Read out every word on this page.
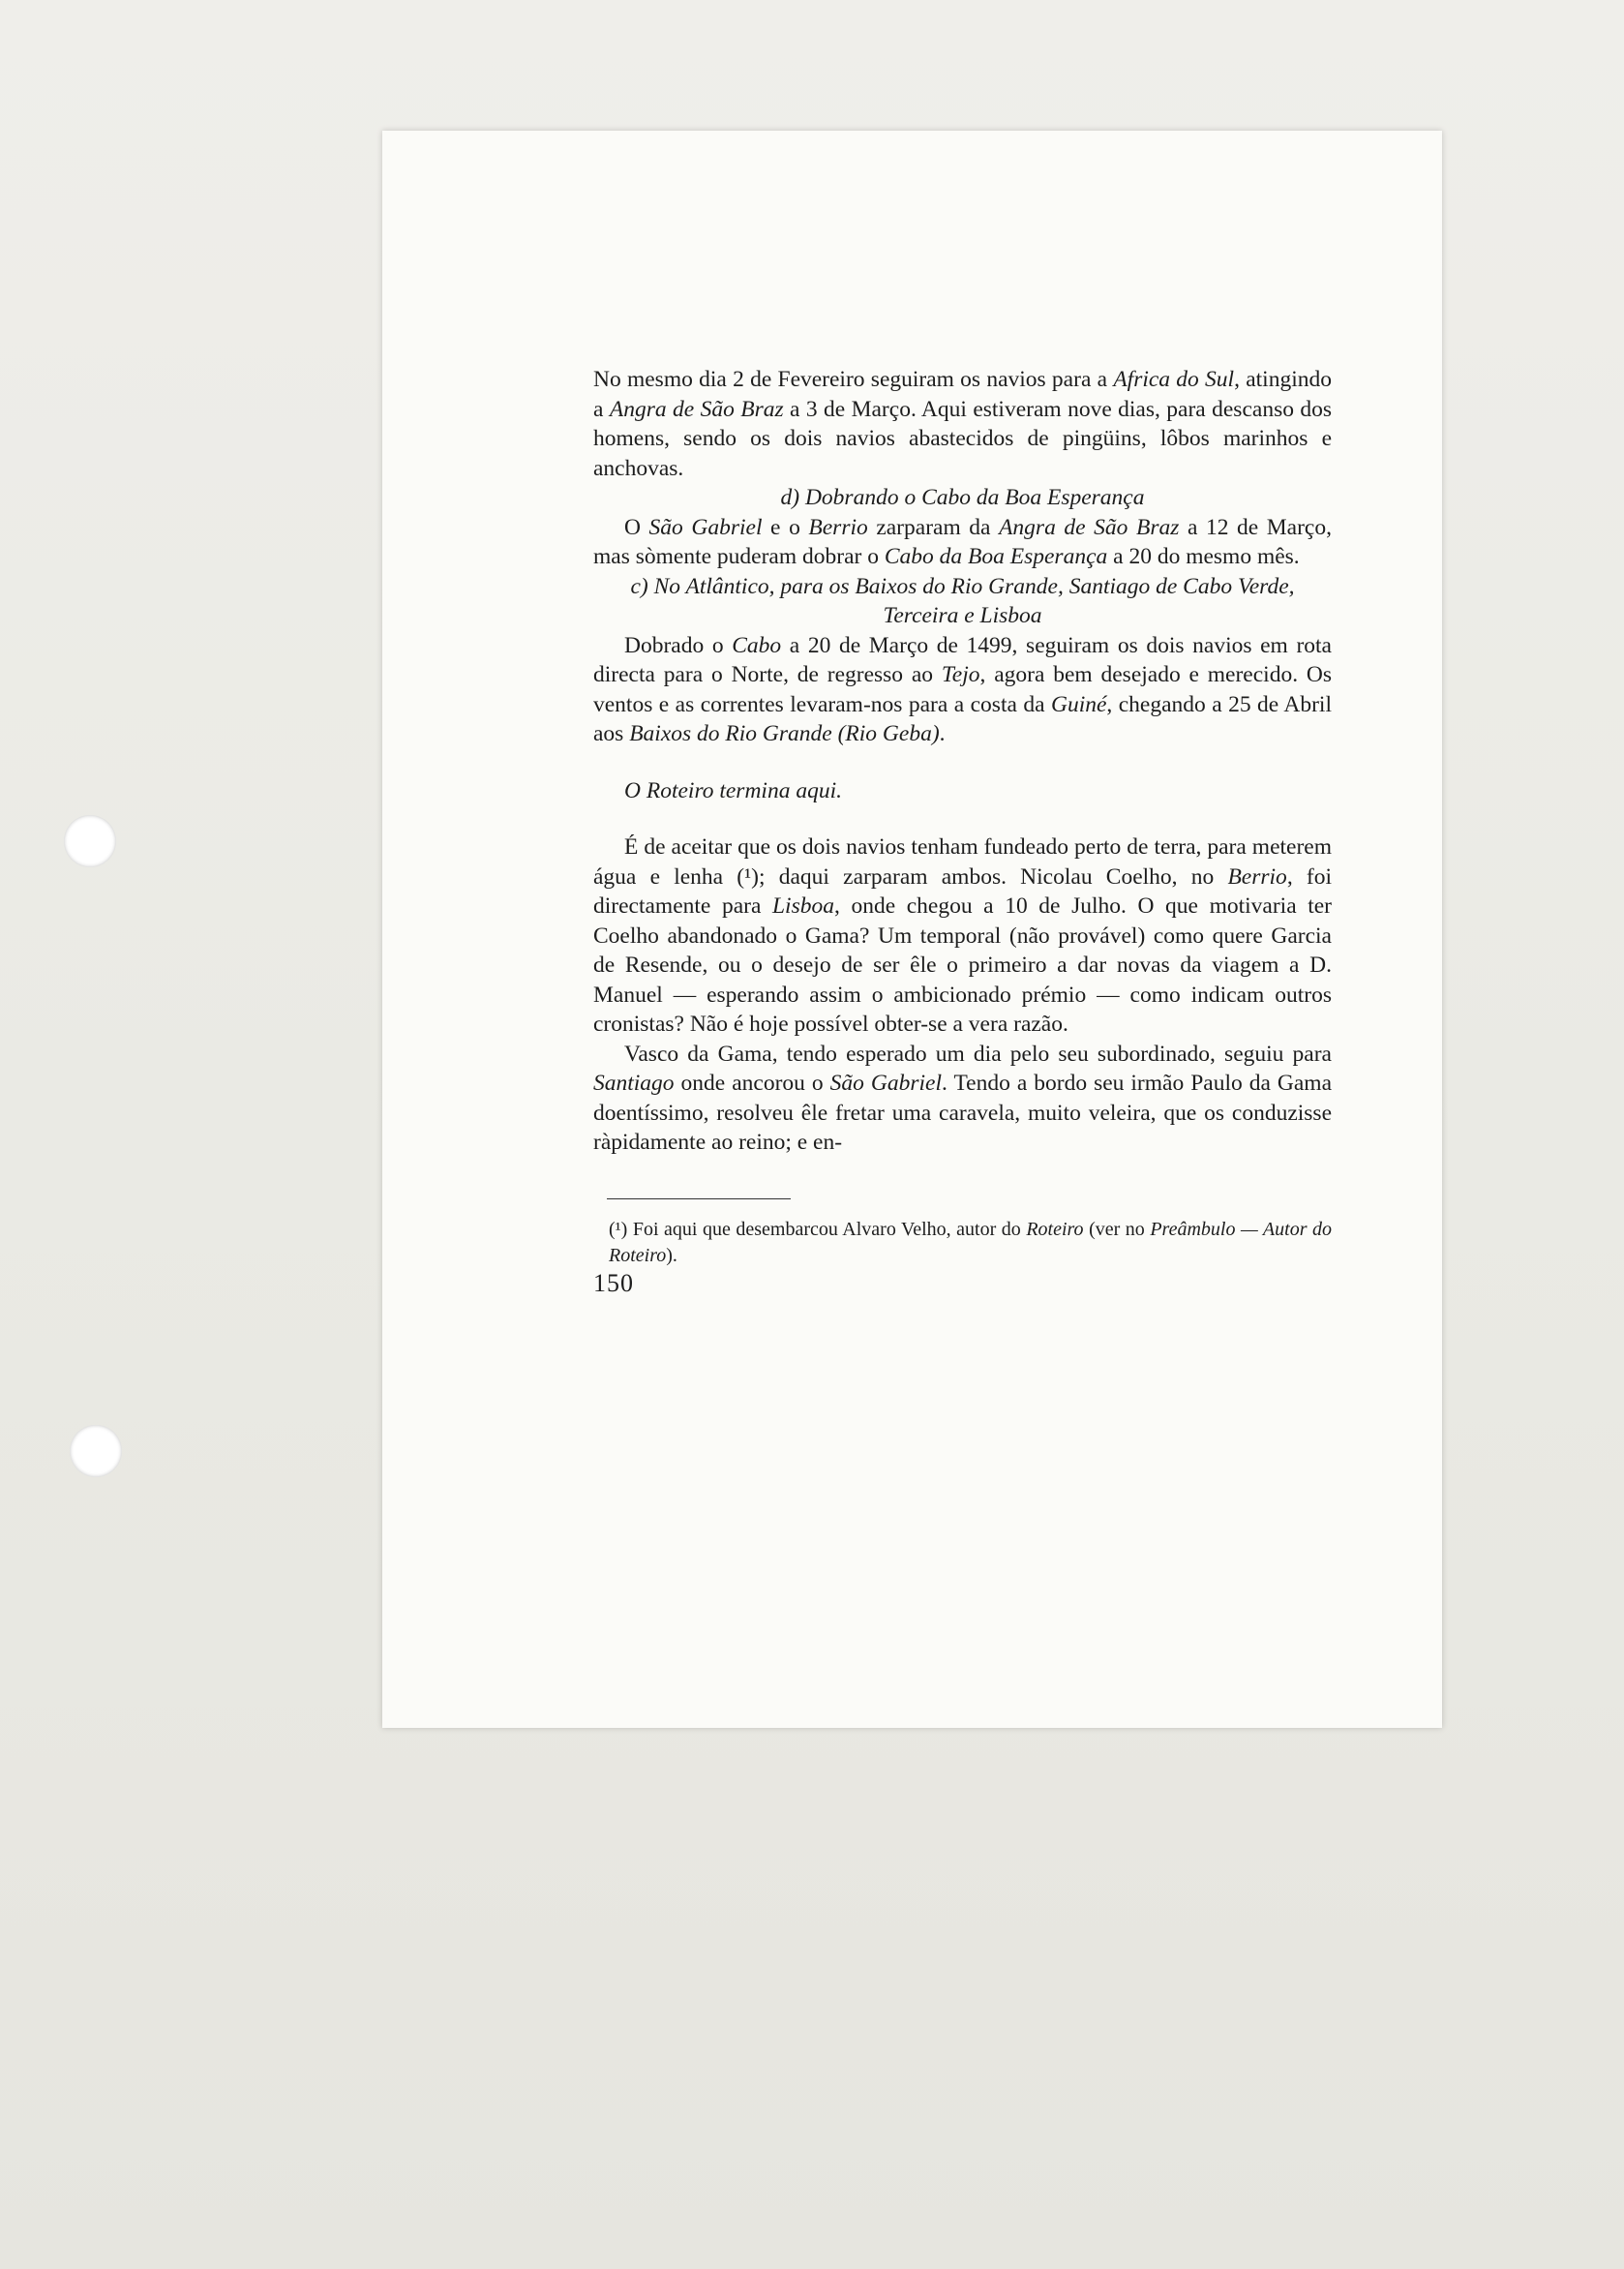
No mesmo dia 2 de Fevereiro seguiram os navios para a Africa do Sul, atingindo a Angra de São Braz a 3 de Março. Aqui estiveram nove dias, para descanso dos homens, sendo os dois navios abastecidos de pingüins, lôbos marinhos e anchovas.

d) Dobrando o Cabo da Boa Esperança

O São Gabriel e o Berrio zarparam da Angra de São Braz a 12 de Março, mas sòmente puderam dobrar o Cabo da Boa Esperança a 20 do mesmo mês.

c) No Atlântico, para os Baixos do Rio Grande, Santiago de Cabo Verde, Terceira e Lisboa

Dobrado o Cabo a 20 de Março de 1499, seguiram os dois navios em rota directa para o Norte, de regresso ao Tejo, agora bem desejado e merecido. Os ventos e as correntes levaram-nos para a costa da Guiné, chegando a 25 de Abril aos Baixos do Rio Grande (Rio Geba).

O Roteiro termina aqui.

É de aceitar que os dois navios tenham fundeado perto de terra, para meterem água e lenha (¹); daqui zarparam ambos. Nicolau Coelho, no Berrio, foi directamente para Lisboa, onde chegou a 10 de Julho. O que motivaria ter Coelho abandonado o Gama? Um temporal (não provável) como quere Garcia de Resende, ou o desejo de ser êle o primeiro a dar novas da viagem a D. Manuel — esperando assim o ambicionado prémio — como indicam outros cronistas? Não é hoje possível obter-se a vera razão.

Vasco da Gama, tendo esperado um dia pelo seu subordinado, seguiu para Santiago onde ancorou o São Gabriel. Tendo a bordo seu irmão Paulo da Gama doentíssimo, resolveu êle fretar uma caravela, muito veleira, que os conduzisse ràpidamente ao reino; e en-

(¹) Foi aqui que desembarcou Alvaro Velho, autor do Roteiro (ver no Preâmbulo — Autor do Roteiro).

150
